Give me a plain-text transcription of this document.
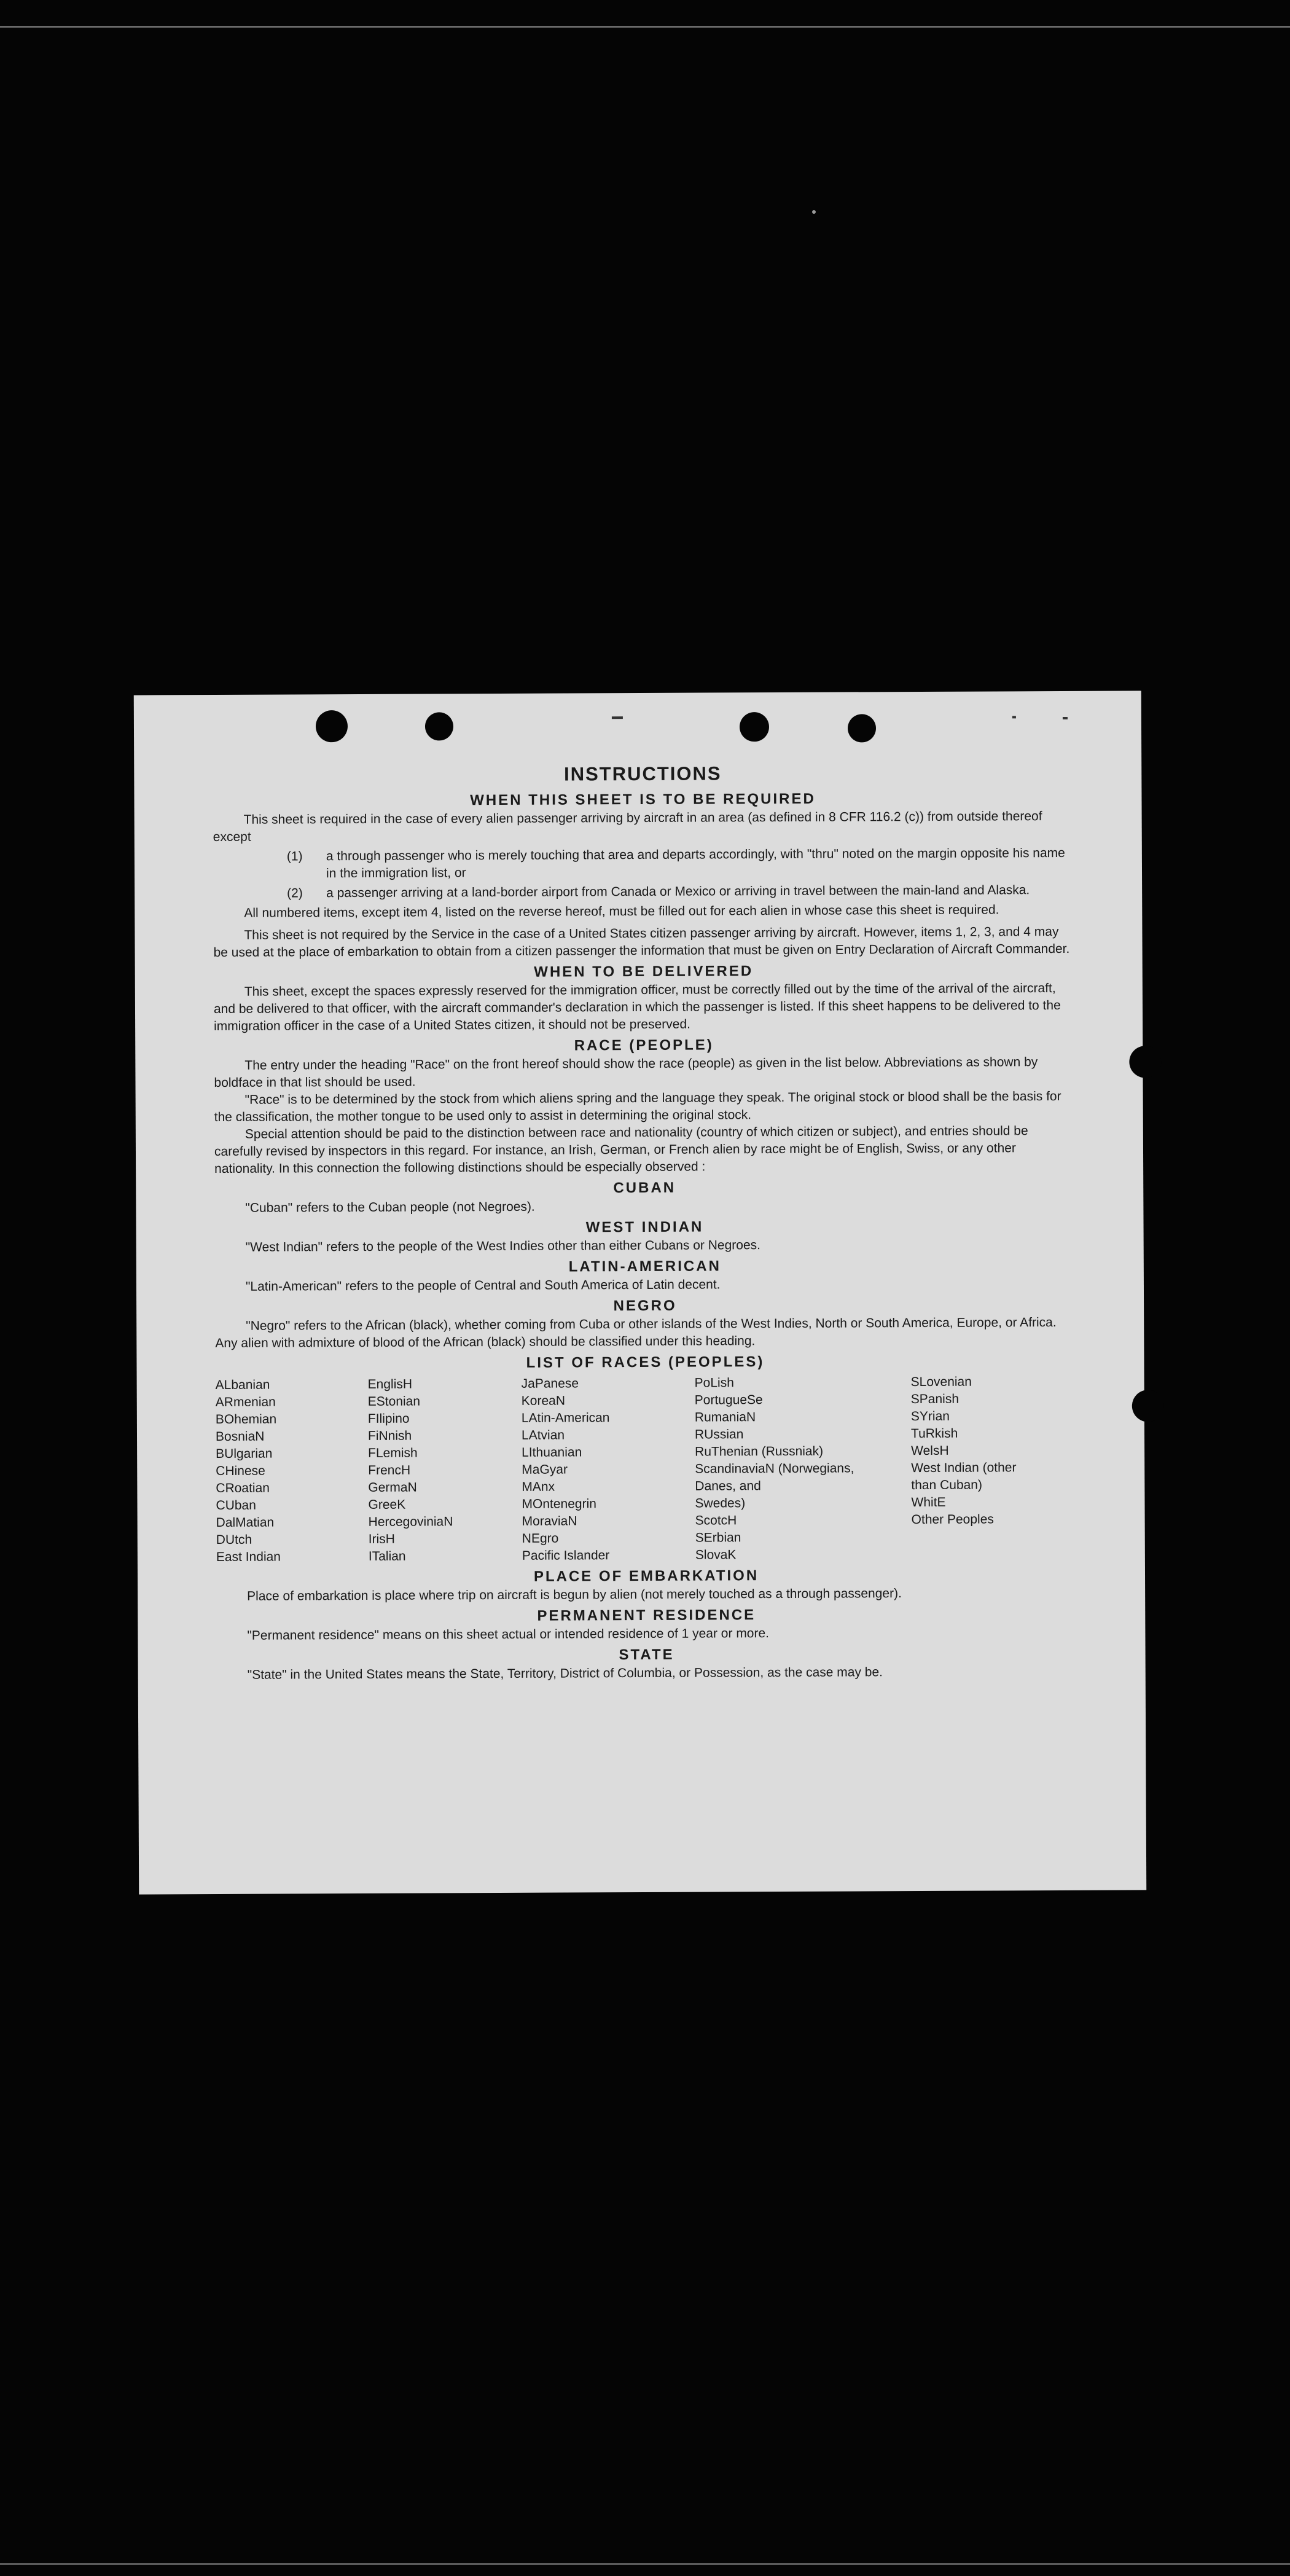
INSTRUCTIONS
WHEN THIS SHEET IS TO BE REQUIRED

This sheet is required in the case of every alien passenger arriving by aircraft in an area (as defined in 8 CFR 116.2 (c)) from outside thereof except

(1)	a through passenger who is merely touching that area and departs accordingly, with "thru" noted on the margin opposite his name in the immigration list, or
(2)	a passenger arriving at a land-border airport from Canada or Mexico or arriving in travel between the main-land and Alaska.

All numbered items, except item 4, listed on the reverse hereof, must be filled out for each alien in whose case this sheet is required.

This sheet is not required by the Service in the case of a United States citizen passenger arriving by aircraft. However, items 1, 2, 3, and 4 may be used at the place of embarkation to obtain from a citizen passenger the information that must be given on Entry Declaration of Aircraft Commander.

WHEN TO BE DELIVERED

This sheet, except the spaces expressly reserved for the immigration officer, must be correctly filled out by the time of the arrival of the aircraft, and be delivered to that officer, with the aircraft commander's declaration in which the passenger is listed. If this sheet happens to be delivered to the immigration officer in the case of a United States citizen, it should not be preserved.

RACE (PEOPLE)

The entry under the heading "Race" on the front hereof should show the race (people) as given in the list below. Abbreviations as shown by boldface in that list should be used.

"Race" is to be determined by the stock from which aliens spring and the language they speak. The original stock or blood shall be the basis for the classification, the mother tongue to be used only to assist in determining the original stock.

Special attention should be paid to the distinction between race and nationality (country of which citizen or subject), and entries should be carefully revised by inspectors in this regard. For instance, an Irish, German, or French alien by race might be of English, Swiss, or any other nationality. In this connection the following distinctions should be especially observed :

CUBAN

"Cuban" refers to the Cuban people (not Negroes).

WEST INDIAN

"West Indian" refers to the people of the West Indies other than either Cubans or Negroes.

LATIN-AMERICAN

"Latin-American" refers to the people of Central and South America of Latin decent.

NEGRO

"Negro" refers to the African (black), whether coming from Cuba or other islands of the West Indies, North or South America, Europe, or Africa. Any alien with admixture of blood of the African (black) should be classified under this heading.

LIST OF RACES (PEOPLES)
ALbanian
ARmenian
BOhemian
BosniaN
BUlgarian
CHinese
CRoatian
CUban
DalMatian
DUtch
East Indian
EnglisH
EStonian
FIlipino
FiNnish
FLemish
FrencH
GermaN
GreeK
HercegoviniaN
IrisH
ITalian
JaPanese
KoreaN
LAtin-American
LAtvian
LIthuanian
MaGyar
MAnx
MOntenegrin
MoraviaN
NEgro
Pacific Islander
PoLish
PortugueSe
RumaniaN
RUssian
RuThenian (Russniak)
ScandinaviaN (Norwegians,
Danes, and
Swedes)
ScotcH
SErbian
SlovaK
SLovenian
SPanish
SYrian
TuRkish
WelsH
West Indian (other
than Cuban)
WhitE
Other Peoples
PLACE OF EMBARKATION

Place of embarkation is place where trip on aircraft is begun by alien (not merely touched as a through passenger).

PERMANENT RESIDENCE

"Permanent residence" means on this sheet actual or intended residence of 1 year or more.

STATE

"State" in the United States means the State, Territory, District of Columbia, or Possession, as the case may be.
